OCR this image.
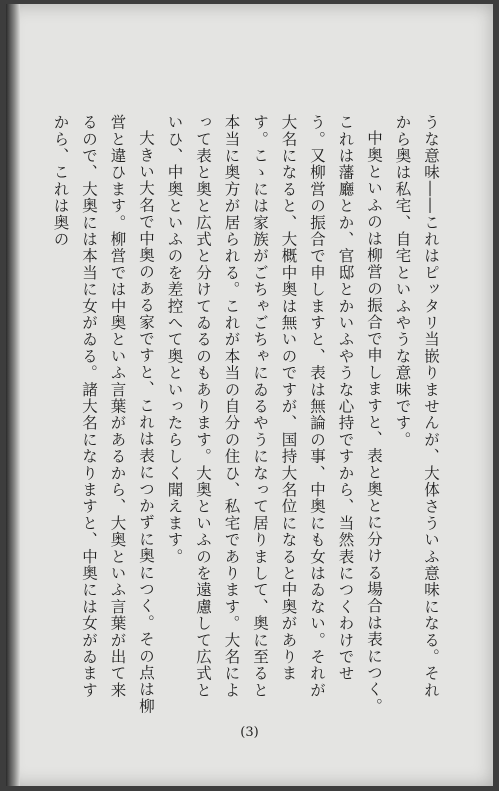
うな意味――これはピッタリ当嵌りませんが、大体さういふ意味になる。それから奥は私宅、自宅といふやうな意味です。

中奥といふのは柳営の振合で申しますと、表と奥とに分ける場合は表につく。これは藩廳とか、官邸とかいふやうな心持ですから、当然表につくわけでせう。又柳営の振合で申しますと、表は無論の事、中奥にも女はゐない。それが大名になると、大概中奥は無いのですが、国持大名位になると中奥があります。こゝには家族がごちゃごちゃにゐるやうになって居りまして、奥に至ると本当に奥方が居られる。これが本当の自分の住ひ、私宅であります。大名によって表と奥と広式と分けてゐるのもあります。大奥といふのを遠慮して広式といひ、中奥といふのを差控へて奥といったらしく聞えます。

大きい大名で中奥のある家ですと、これは表につかずに奥につく。その点は柳営と違ひます。柳営では中奥といふ言葉があるから、大奥といふ言葉が出て来るので、大奥には本当に女がゐる。諸大名になりますと、中奥には女がゐますから、これは奥の

(3)
